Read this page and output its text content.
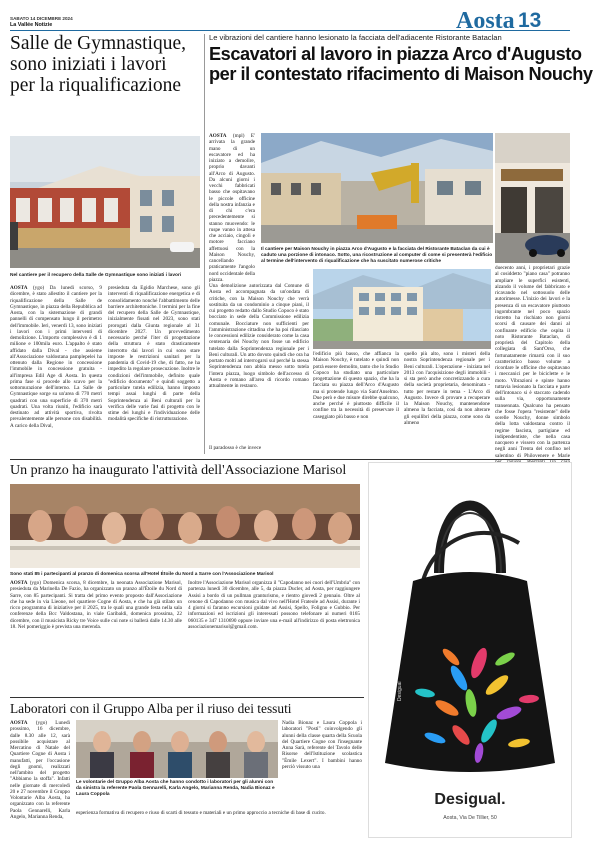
SABATO 14 DICEMBRE 2024
La Vallée Notizie	Aosta 13
Salle de Gymnastique,
sono iniziati i lavori
per la riqualificazione
Nel cantiere per il recupero della Salle de Gymnastique sono iniziati i lavori
AOSTA (ygo) Da lunedì scorso, 9 dicembre, è stato allestito il cantiere per la riqualificazione della Salle de Gymnastique, in piazza della Repubblica ad Aosta, con la sistemazione di grandi pannelli di compensato lungo il perimetro dell'immobile. Ieri, venerdì 13, sono iniziati i lavori con i primi interventi di demolizione. L'importo complessivo è di 1 milione e 100mila euro. L'appalto è stato affidato dalla Dival - che assieme all'Associazione valdostana pamplepelei ha ottenuto dalla Regione in concessione l'immobile in concessione gratuita - all'impresa Edil Age di Aosta. In questa prima fase si procede allo scavo per la sottomurazione dell'interno. La Salle de Gymnastique sorge su un'area di 770 metri quadrati con una superficie di 370 metri quadrati. Una volta riuniti, l'edificio sarà destinato ad attività sportiva, rivolta prevalentemente alle persone con disabilità. A carico della Dival,
presieduta da Egidio Marchese, sono gli interventi di riqualificazione energetica e di consolidamento nonché l'abbattimento delle barriere architettoniche. I termini per la fine del recupero della Salle de Gymnastique, inizialmente fissati nel 2023, sono stati prorogati dalla Giunta regionale al 31 dicembre 2027. Un provvedimento necessario perché l'iter di progettazione della struttura è stato drasticamente interrotto dai lavori in cui sono stare imposte le restrizioni sanitari per la pandemia di Covid-19 che, di fatto, ne ha impedito la regolare prosecuzione. Inoltre le condizioni dell'immobile, definito quale "edificio documento" e quindi soggetto a particolare tutela edilizia, hanno imposto tempi assai lunghi di parte della Soprintendenza ai Beni culturali per la verifica delle varie fasi di progetto con le stime dei lunghi e l'individuazione delle modalità specifiche di ristrutturazione.
Le vibrazioni del cantiere hanno lesionato la facciata dell'adiacente Ristorante Bataclan
Escavatori al lavoro in piazza Arco d'Augusto
per il contestato rifacimento di Maison Nouchy
AOSTA (mpl) E' arrivata la grande mano di un escavatore ed ha iniziato a demolire, proprio davanti all'Arco di Augusto. Da alcuni giorni i vecchi fabbricati basso che ospitavano le piccole officine della nostra infanzia e di chi c'era precedentemente si stanno muovendo: le ruspe vanno in attesa che acciaio, cingoli e motore facciano affettuosi con la Maison Nouchy, cancellando praticamente l'angolo nord occidentale della piazza.
Il cantiere per Maison Nouchy in piazza Arco d'Augusto e la facciata del Ristorante Bataclan da cui è caduto una porzione di intonaco. Sotto, una ricostruzione al computer di come si presenterà l'edificio al termine dell'intervento di riqualificazione che ha suscitato numerose critiche
Una demolizione autorizzata dal Comune di Aosta ed accompagnata da un'ondata di critiche, con la Maison Nouchy che verrà sostituita da un condominio a cinque piani, il cui progetto redatto dallo Studio Copoco è stato bocciato in sede della Commissione edilizia comunale. Bocciature non sufficienti per l'amministrazione cittadina che ha poi rilasciato le concessioni edilizie considerato come la casa centenaria dei Nouchy non fosse un edificio tutelato dalla Soprintendenza regionale per i Beni culturali. Un atto dovuto quindi che ora ha portato molti ad interrogarsi sul perché la stessa Soprintendenza non abbia messo sotto tutela l'intera piazza, luogo simbolo dell'accesso di Aosta e romano all'area di ricordo romano attualmente in restauro.
Il paradosso è che invece
l'edificio più basso, che affianca la Maison Nouchy, è tutelato e quindi non potrà essere demolito, tanto che lo Studio Copoco ha studiato una particolare progettazione di questo spazio, che ha la facciata su piazza dell'Arco d'Augusto ma si protende lungo via Sant'Anselmo. Due però e due misure direbbe qualcuno, anche perché è piuttosto difficile il confine tra la necessità di preservare il caseggiato più basso e non
quello più alto, sono i misteri della nostra Soprintendenza regionale per i Beni culturali. L'operazione - iniziata nel 2013 con l'acquisizione degli immobili - si sta però anche concretizzando a cura della società proprietaria, denominata - tutto per restare in tema - L'Arco di Augusto. Invece di provare a recuperare la Maison Nouchy, mantenendone almeno la facciata, così da non alterare gli equilibri della piazza, come sono da almeno
duecento anni, i proprietari grazie al cosiddetto "piano casa" potranno ampliare le superfici esistenti, alzando il volume del fabbricato e ricavando nel sottosuolo delle autorimesse. L'inizio dei lavori e la presenza di un escavatore piuttosto ingombrante nel poco spazio ristretto ha rischiato non giorni scorsi di causare dei danni al confinante edificio che ospita il noto Ristorante Bataclan, di proprietà del Capitolo della collegiata di Sant'Orso, che fortunatamente rimarrà con il suo caratteristico basso volume a ricordare le officine che ospitavano i meccanici per le biciclette e le moto. Vibrazioni e spinte hanno tuttavia lesionato la facciata e parte dell'intonaco si è staccato cadendo sulla via, opportunamente transennata. Qualcuno ha pensato che fosse l'opera "resistente" delle sorelle Nouchy, donne simbolo della lotta valdostana contro il regime fascista, partigiane ed indipendentiste, che nella casa nacquero e vissero con la partenza negli anni Trenta del confino nel salentino di Philovenere e Marie
Un pranzo ha inaugurato l'attività dell'Associazione Marisol
Sono stati 85 i partecipanti al pranzo di domenica scorsa all'Hotel Étoile du Nord a Sarre con l'Associazione Marisol
AOSTA (ygo) Domenica scorsa, 8 dicembre, la neonata Associazione Marisol, presieduta da Marinella De Fazio, ha organizzato un pranzo all'Étoile du Nord di Sarre, con 85 partecipanti. Si tratta del primo evento proposto dall'Associazione che ha sede in via Lieone, nel quartiere Cogne di Aosta, e che ha già stilato un ricco programma di iniziative per il 2025, tra le quali una grande festa nella sala conferenze della Bcc Valdostana, in viale Garibaldi, domenica prossima, 22 dicembre, con il musicista Ricky tre Voice sulle cui note si ballerà dalle 14.30 alle 18. Nel pomeriggio è prevista una merenda.
Inoltre l'Associazione Marisol organizza il "Capodanno nei cuori dell'Umbria" con partenza lunedì 30 dicembre, alle 5, da piazza Ducler, ad Aosta, per raggiungere Assisi a bordo di un pullman granturismo, e rientro giovedì 2 gennaio. Oltre al cenone di Capodanno con musica dal vivo nell'Hotel Frateole ad Assisi, durante i 4 giorni si faranno escursioni guidate ad Assisi, Spello, Foligno e Gubbio. Per informazioni ed iscrizioni gli interessati possono telefonare ai numeri 0165 060135 e 347 1310690 oppure inviare una e-mail all'indirizzo di posta elettronica associazionemarisol@gmail.com.
Laboratori con il Gruppo Alba per il riuso dei tessuti
AOSTA (ygo) Lunedì prossimo, 16 dicembre, dalle 8.30 alle 12, sarà possibile acquistare al Mercatino di Natale del Quartiere Cogne di Aosta i manufatti, per l'occasione degli gnomi, realizzati nell'ambito del progetto "Abbiamo la stoffa". Infatti nelle giornate di mercoledì 20 e 27 novembre il Gruppo Volontarie Alba Aosta, ha organizzato con la referente Paola Gennarelli, Karla Angelo, Marianna Renda,
Le volontarie del Gruppo Alba Aosta che hanno condotto i laboratori per gli alunni con da sinistra la referente Paola Gennarelli, Karla Angelo, Marianna Renda, Nadia Bionaz e Laura Coppola
Nadia Bionaz e Laura Coppola i laboratori "Posti" coinvolgendo gli alunni della classe quarta della Scuola del Quartiere Cogne con l'insegnante Anna Sarà, referente del Tavolo delle Risorse dell'Istituzione scolastica "Émile Lexert". I bambini hanno perciò vissuto una
esperienza formativa di recupero e riuso di scarti di tessuto e materiali e un primo approccio a tecniche di base di cucito.
Desigual
Desigual.
Aosta, Via De Tillier, 50
